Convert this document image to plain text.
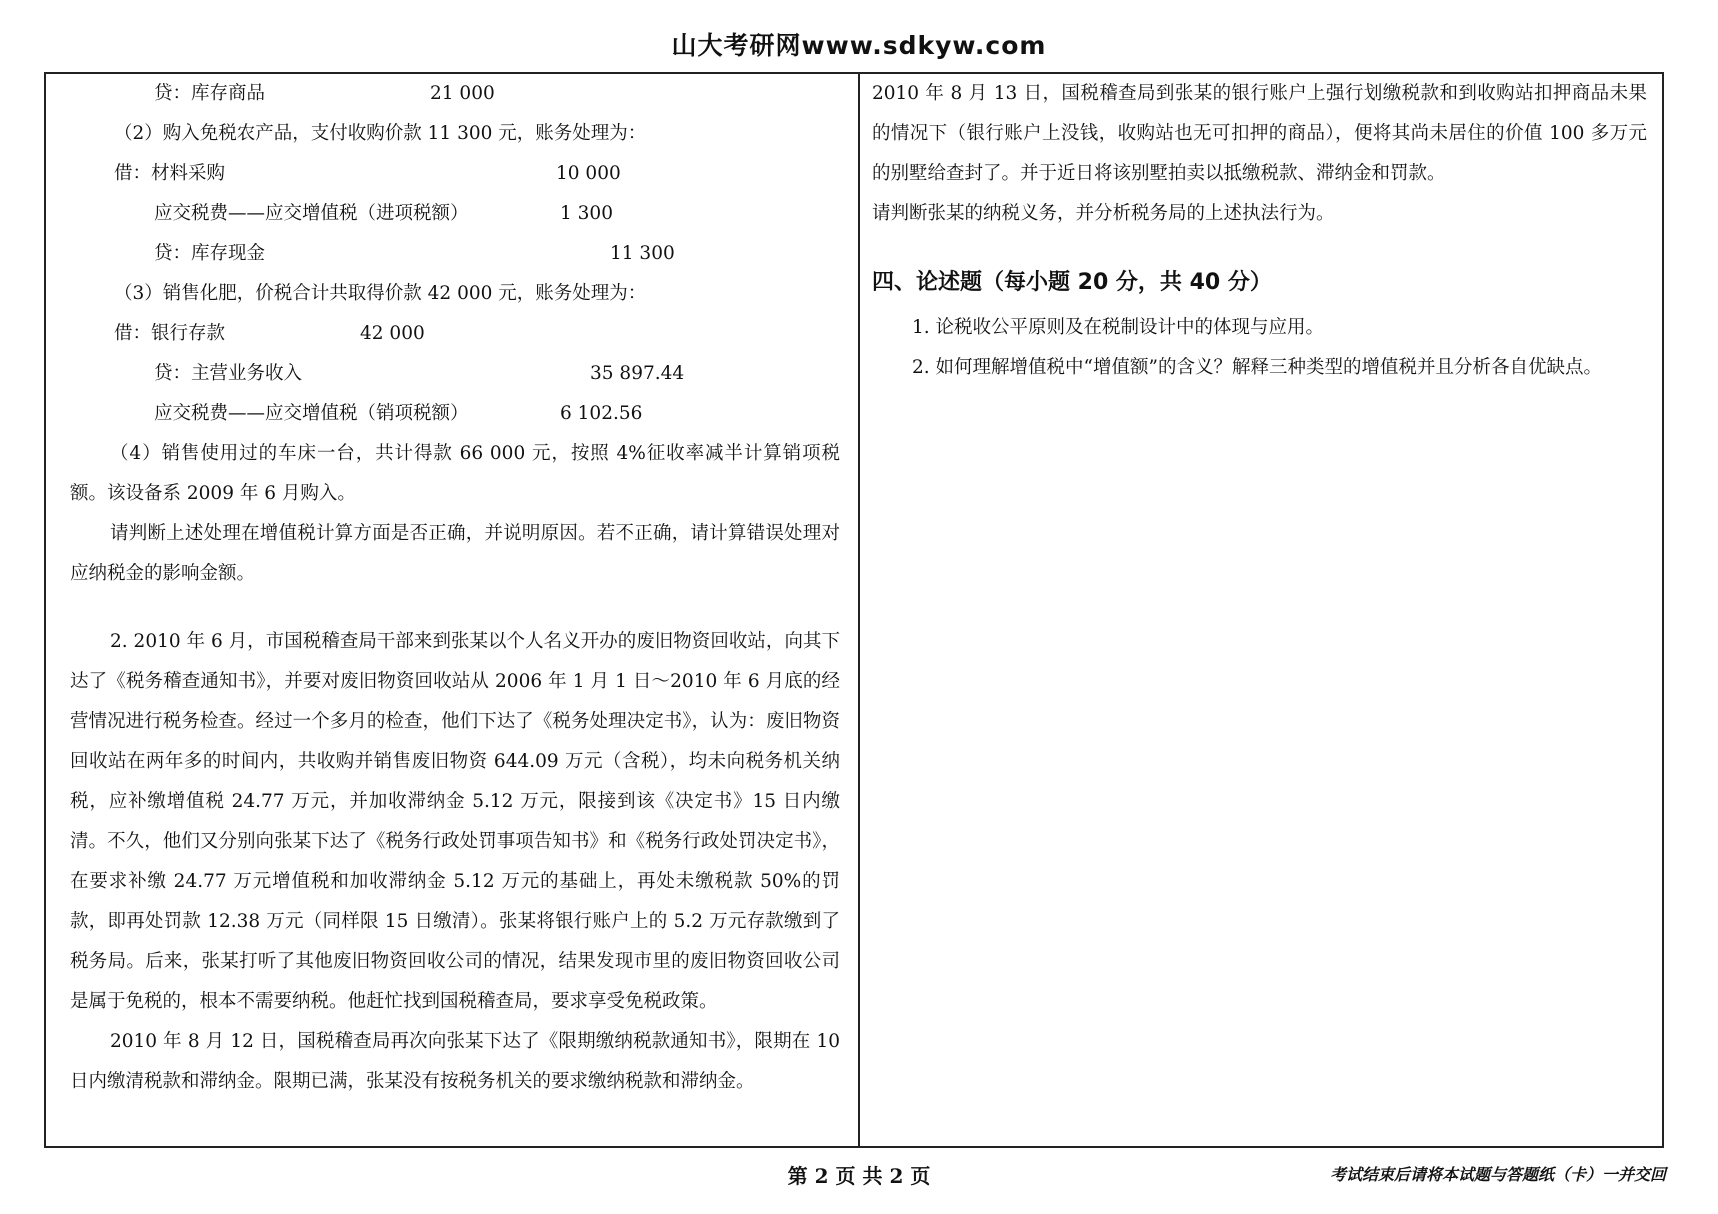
山大考研网www.sdkyw.com
贷：库存商品	21 000
（2）购入免税农产品，支付收购价款 11 300 元，账务处理为：
借：材料采购	10 000
应交税费——应交增值税（进项税额）	1 300
贷：库存现金	11 300
（3）销售化肥，价税合计共取得价款 42 000 元，账务处理为：
借：银行存款	42 000
贷：主营业务收入	35 897.44
应交税费——应交增值税（销项税额）	6 102.56

（4）销售使用过的车床一台，共计得款 66 000 元，按照 4%征收率减半计算销项税额。该设备系 2009 年 6 月购入。

请判断上述处理在增值税计算方面是否正确，并说明原因。若不正确，请计算错误处理对应纳税金的影响金额。

2. 2010 年 6 月，市国税稽查局干部来到张某以个人名义开办的废旧物资回收站，向其下达了《税务稽查通知书》，并要对废旧物资回收站从 2006 年 1 月 1 日～2010 年 6 月底的经营情况进行税务检查。经过一个多月的检查，他们下达了《税务处理决定书》，认为：废旧物资回收站在两年多的时间内，共收购并销售废旧物资 644.09 万元（含税），均未向税务机关纳税，应补缴增值税 24.77 万元，并加收滞纳金 5.12 万元，限接到该《决定书》15 日内缴清。不久，他们又分别向张某下达了《税务行政处罚事项告知书》和《税务行政处罚决定书》，在要求补缴 24.77 万元增值税和加收滞纳金 5.12 万元的基础上，再处未缴税款 50%的罚款，即再处罚款 12.38 万元（同样限 15 日缴清）。张某将银行账户上的 5.2 万元存款缴到了税务局。后来，张某打听了其他废旧物资回收公司的情况，结果发现市里的废旧物资回收公司是属于免税的，根本不需要纳税。他赶忙找到国税稽查局，要求享受免税政策。

2010 年 8 月 12 日，国税稽查局再次向张某下达了《限期缴纳税款通知书》，限期在 10 日内缴清税款和滞纳金。限期已满，张某没有按税务机关的要求缴纳税款和滞纳金。

2010 年 8 月 13 日，国税稽查局到张某的银行账户上强行划缴税款和到收购站扣押商品未果的情况下（银行账户上没钱，收购站也无可扣押的商品），便将其尚未居住的价值 100 多万元的别墅给查封了。并于近日将该别墅拍卖以抵缴税款、滞纳金和罚款。

请判断张某的纳税义务，并分析税务局的上述执法行为。

四、论述题（每小题 20 分，共 40 分）

1. 论税收公平原则及在税制设计中的体现与应用。

2. 如何理解增值税中“增值额”的含义？解释三种类型的增值税并且分析各自优缺点。

第 2 页 共 2 页	考试结束后请将本试题与答题纸（卡）一并交回
